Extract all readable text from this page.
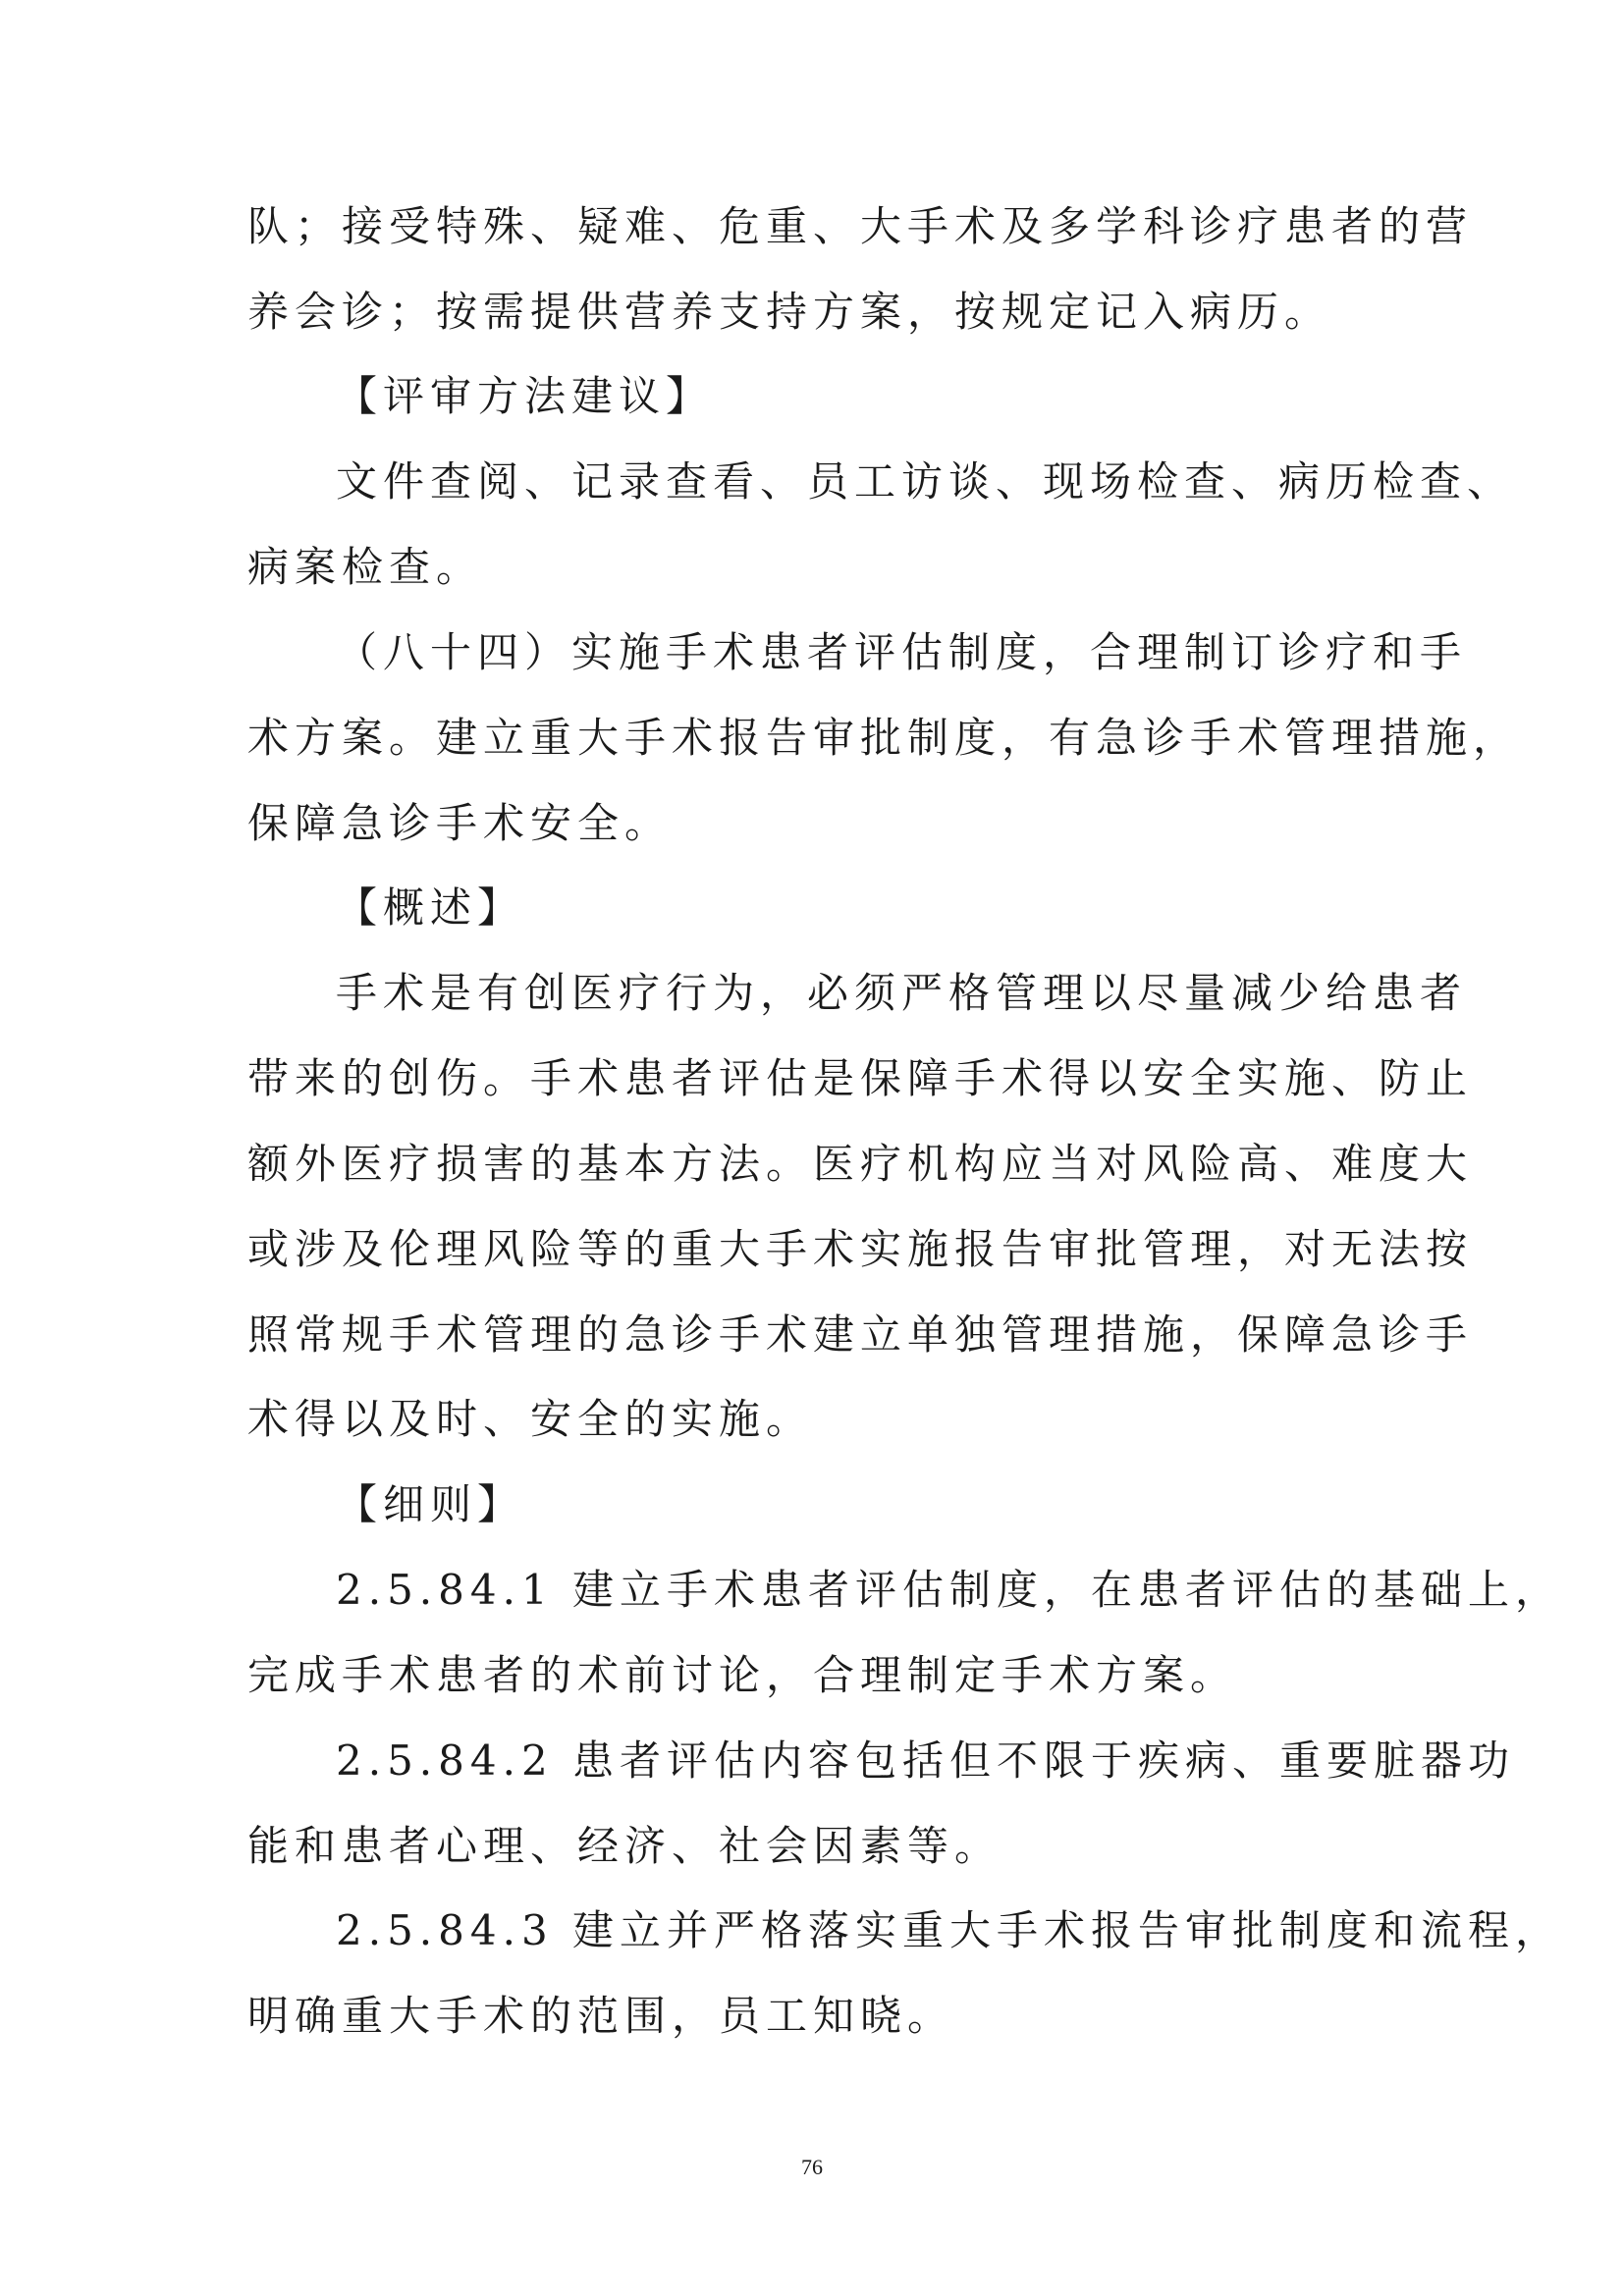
队；接受特殊、疑难、危重、大手术及多学科诊疗患者的营

养会诊；按需提供营养支持方案，按规定记入病历。

【评审方法建议】

文件查阅、记录查看、员工访谈、现场检查、病历检查、

病案检查。

（八十四）实施手术患者评估制度，合理制订诊疗和手

术方案。建立重大手术报告审批制度，有急诊手术管理措施，

保障急诊手术安全。

【概述】

手术是有创医疗行为，必须严格管理以尽量减少给患者

带来的创伤。手术患者评估是保障手术得以安全实施、防止

额外医疗损害的基本方法。医疗机构应当对风险高、难度大

或涉及伦理风险等的重大手术实施报告审批管理，对无法按

照常规手术管理的急诊手术建立单独管理措施，保障急诊手

术得以及时、安全的实施。

【细则】

2.5.84.1 建立手术患者评估制度，在患者评估的基础上，

完成手术患者的术前讨论，合理制定手术方案。

2.5.84.2 患者评估内容包括但不限于疾病、重要脏器功

能和患者心理、经济、社会因素等。

2.5.84.3 建立并严格落实重大手术报告审批制度和流程，

明确重大手术的范围，员工知晓。

76
